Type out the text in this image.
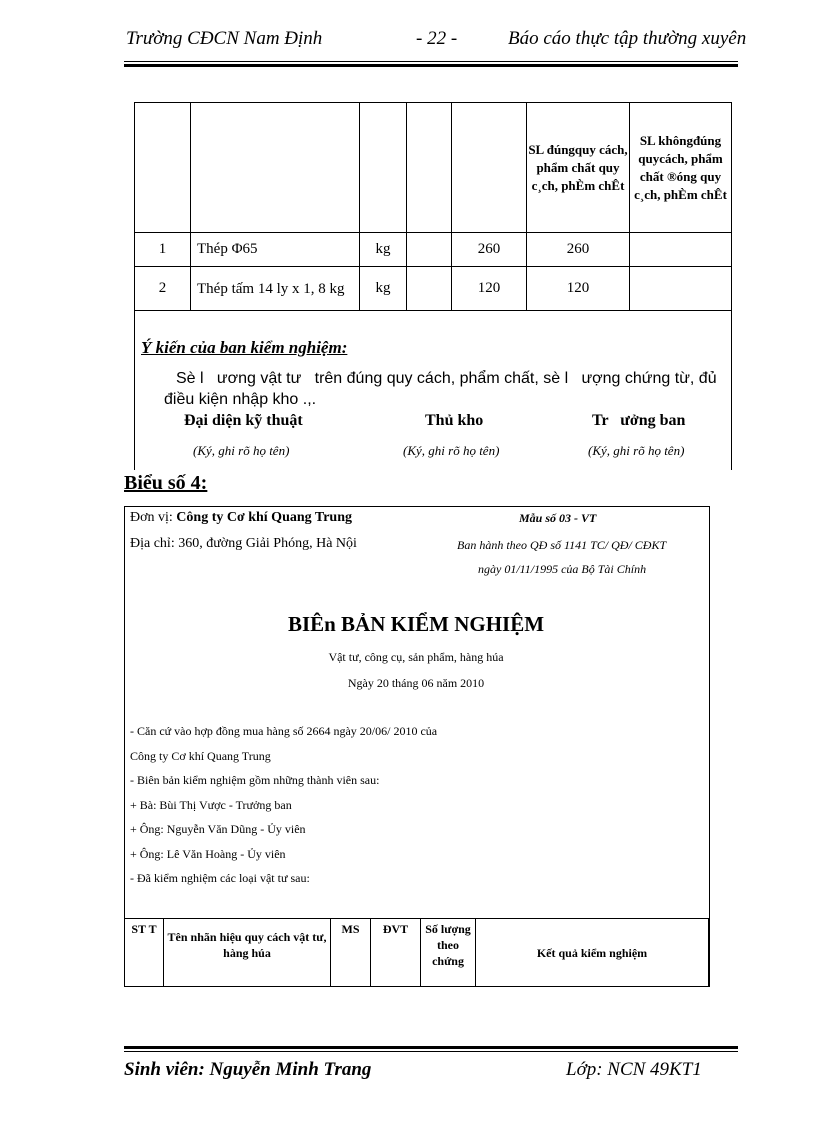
Trường CĐCN Nam Định	- 22 -	Báo cáo thực tập thường xuyên
					SL đúngquy cách, phẩm chất quy c¸ch, phÈm chÊt	SL khôngđúng quycách, phẩm chất ®óng quy c¸ch, phÈm chÊt
1	Thép Φ65	kg		260	260	
2	Thép tấm 14 ly x 1, 8 kg	kg		120	120	
Ý kiến của ban kiểm nghiệm:
Sè l   ương vật tư   trên đúng quy cách, phẩm chất, sè l   ượng chứng từ, đủ
điều kiện nhập kho .,.
Đại diện kỹ thuật	Thủ kho	Tr   ưởng ban
(Ký, ghi rõ họ tên)	(Ký, ghi rõ họ tên)	(Ký, ghi rõ họ tên)
Biểu số 4:
Đơn vị: Công ty Cơ khí Quang Trung
Địa chỉ: 360, đường Giải Phóng, Hà Nội
Mẫu số 03 - VT
Ban hành theo QĐ số 1141 TC/ QĐ/ CĐKT
ngày 01/11/1995 của Bộ Tài Chính
BIÊn BẢN KIỂM NGHIỆM
Vật tư, công cụ, sản phẩm, hàng húa
Ngày 20 tháng 06 năm 2010
- Căn cứ vào hợp đồng mua hàng số 2664 ngày 20/06/ 2010 của
Công ty Cơ khí Quang Trung
- Biên bản kiểm nghiệm gồm những thành viên sau:
+ Bà: Bùi Thị Vược - Trưởng ban
+ Ông: Nguyễn Văn Dũng - Ủy viên
+ Ông: Lê Văn Hoàng - Ủy viên
- Đã kiểm nghiệm các loại vật tư sau:
ST T	Tên nhãn hiệu quy cách vật tư, hàng húa	MS	ĐVT	Số lượng theo chứng	Kết quả kiểm nghiệm
Sinh viên: Nguyễn Minh Trang	Lớp: NCN 49KT1
